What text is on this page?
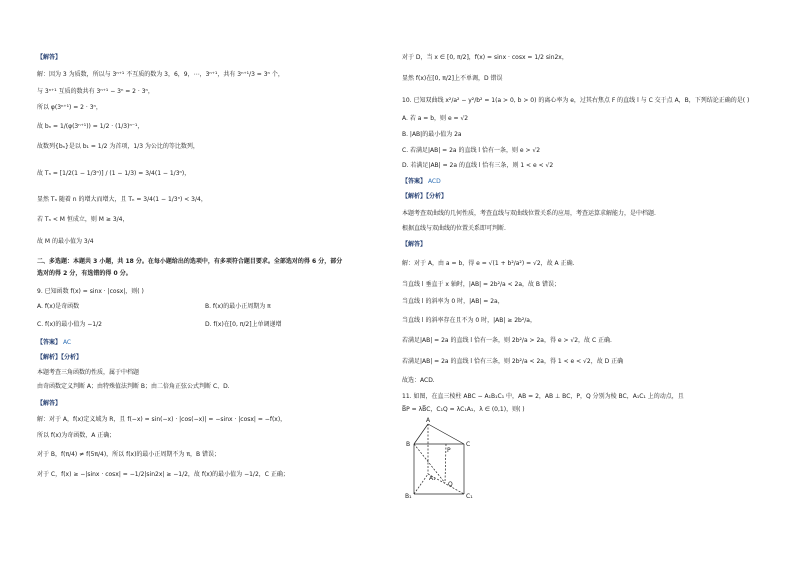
【解答】
解：因为 3 为质数，所以与 3ⁿ⁺¹ 不互质的数为 3，6，9，⋯，3ⁿ⁺¹，共有 3ⁿ⁺¹/3 = 3ⁿ 个，
与 3ⁿ⁺¹ 互质的数共有 3ⁿ⁺¹ − 3ⁿ = 2 · 3ⁿ，
所以 φ(3ⁿ⁺¹) = 2 · 3ⁿ，
故 bₙ = 1/(φ(3ⁿ⁺¹)) = 1/2 · (1/3)ⁿ⁻¹，
故数列{bₙ}是以 b₁ = 1/2 为首项，1/3 为公比的等比数列，
故 Tₙ = [1/2(1 − 1/3ⁿ)] / (1 − 1/3) = 3/4(1 − 1/3ⁿ)，
显然 Tₙ 随着 n 的增大而增大，且 Tₙ = 3/4(1 − 1/3ⁿ) < 3/4，
若 Tₙ < M 恒成立，则 M ≥ 3/4，
故 M 的最小值为 3/4
二、多选题：本题共 3 小题，共 18 分。在每小题给出的选项中，有多项符合题目要求。全部选对的得 6 分，部分
选对的得 2 分，有选错的得 0 分。
9. 已知函数 f(x) = sinx · |cosx|，则( )
A. f(x)是奇函数	B. f(x)的最小正周期为 π
C. f(x)的最小值为 −1/2	D. f(x)在[0, π/2]上单调递增
【答案】 AC
【解析】【分析】
本题考查三角函数的性质，属于中档题
由奇函数定义判断 A；由特殊值法判断 B；由二倍角正弦公式判断 C、D.
【解答】
解：对于 A，f(x)定义域为 R，且 f(−x) = sin(−x) · |cos(−x)| = −sinx · |cosx| = −f(x)，
所以 f(x)为奇函数，A 正确；
对于 B，f(π/4) ≠ f(5π/4)，所以 f(x)的最小正周期不为 π，B 错误；
对于 C，f(x) ≥ −|sinx · cosx| = −1/2|sin2x| ≥ −1/2，故 f(x)的最小值为 −1/2，C 正确；
对于 D，当 x ∈ [0, π/2]，f(x) = sinx · cosx = 1/2 sin2x，
显然 f(x)在[0, π/2]上不单调，D 错误
10. 已知双曲线 x²/a² − y²/b² = 1(a > 0, b > 0) 的离心率为 e，过其右焦点 F 的直线 l 与 C 交于点 A，B，下列结论正确的是( )
A. 若 a = b，则 e = √2
B. |AB|的最小值为 2a
C. 若满足|AB| = 2a 的直线 l 恰有一条，则 e > √2
D. 若满足|AB| = 2a 的直线 l 恰有三条，则 1 < e < √2
【答案】 ACD
【解析】【分析】
本题考查双曲线的几何性质，考查直线与双曲线位置关系的应用，考查运算求解能力，是中档题.
根据直线与双曲线的位置关系即可判断.
【解答】
解：对于 A，由 a = b，得 e = √(1 + b²/a²) = √2，故 A 正确.
当直线 l 垂直于 x 轴时，|AB| = 2b²/a < 2a，故 B 错误；
当直线 l 的斜率为 0 时，|AB| = 2a，
当直线 l 的斜率存在且不为 0 时，|AB| ≥ 2b²/a，
若满足|AB| = 2a 的直线 l 恰有一条，则 2b²/a > 2a，得 e > √2，故 C 正确.
若满足|AB| = 2a 的直线 l 恰有三条，则 2b²/a < 2a，得 1 < e < √2，故 D 正确
故选：ACD.
11. 如图，在直三棱柱 ABC − A₁B₁C₁ 中，AB = 2，AB ⊥ BC，P，Q 分别为棱 BC，A₁C₁ 上的动点，且
B̅P = λB̅C，C₁Q = λC₁A₁，λ ∈ (0,1)，则( )
A
B	C
P
A₁
Q
B₁	C₁
